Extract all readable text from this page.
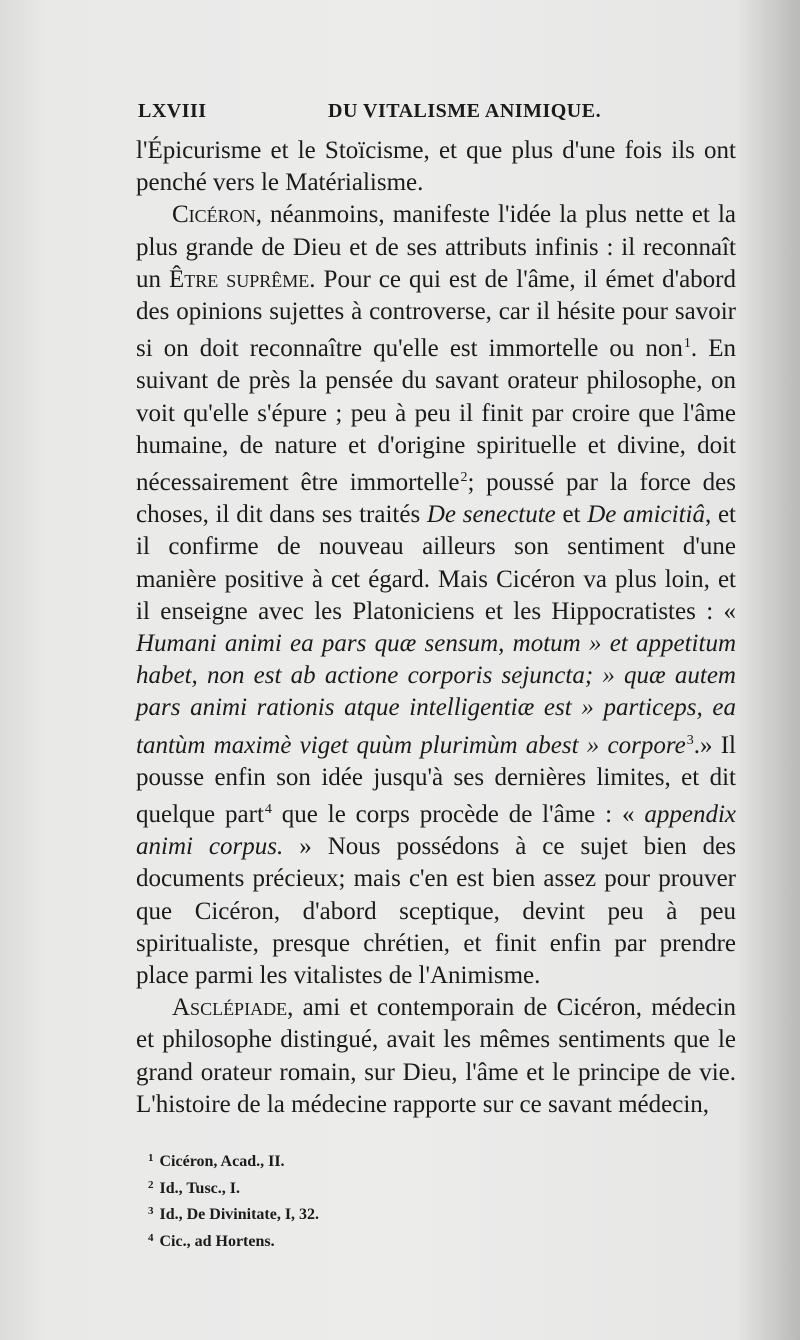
LXVIII	DU VITALISME ANIMIQUE.

l'Épicurisme et le Stoïcisme, et que plus d'une fois ils ont penché vers le Matérialisme.

Cicéron, néanmoins, manifeste l'idée la plus nette et la plus grande de Dieu et de ses attributs infinis : il reconnaît un Être suprême. Pour ce qui est de l'âme, il émet d'abord des opinions sujettes à controverse, car il hésite pour savoir si on doit reconnaître qu'elle est immortelle ou non$^1$. En suivant de près la pensée du savant orateur philosophe, on voit qu'elle s'épure ; peu à peu il finit par croire que l'âme humaine, de nature et d'origine spirituelle et divine, doit nécessairement être immortelle$^2$; poussé par la force des choses, il dit dans ses traités De senectute et De amicitiâ, et il confirme de nouveau ailleurs son sentiment d'une manière positive à cet égard. Mais Cicéron va plus loin, et il enseigne avec les Platoniciens et les Hippocratistes : « Humani animi ea pars quæ sensum, motum » et appetitum habet, non est ab actione corporis sejuncta; » quæ autem pars animi rationis atque intelligentiæ est » particeps, ea tantùm maximè viget quùm plurimùm abest » corpore$^3$.» Il pousse enfin son idée jusqu'à ses dernières limites, et dit quelque part$^4$ que le corps procède de l'âme : « appendix animi corpus. » Nous possédons à ce sujet bien des documents précieux; mais c'en est bien assez pour prouver que Cicéron, d'abord sceptique, devint peu à peu spiritualiste, presque chrétien, et finit enfin par prendre place parmi les vitalistes de l'Animisme.

Asclépiade, ami et contemporain de Cicéron, médecin et philosophe distingué, avait les mêmes sentiments que le grand orateur romain, sur Dieu, l'âme et le principe de vie. L'histoire de la médecine rapporte sur ce savant médecin,

$^1$ Cicéron, Acad., II.

$^2$ Id., Tusc., I.

$^3$ Id., De Divinitate, I, 32.

$^4$ Cic., ad Hortens.
